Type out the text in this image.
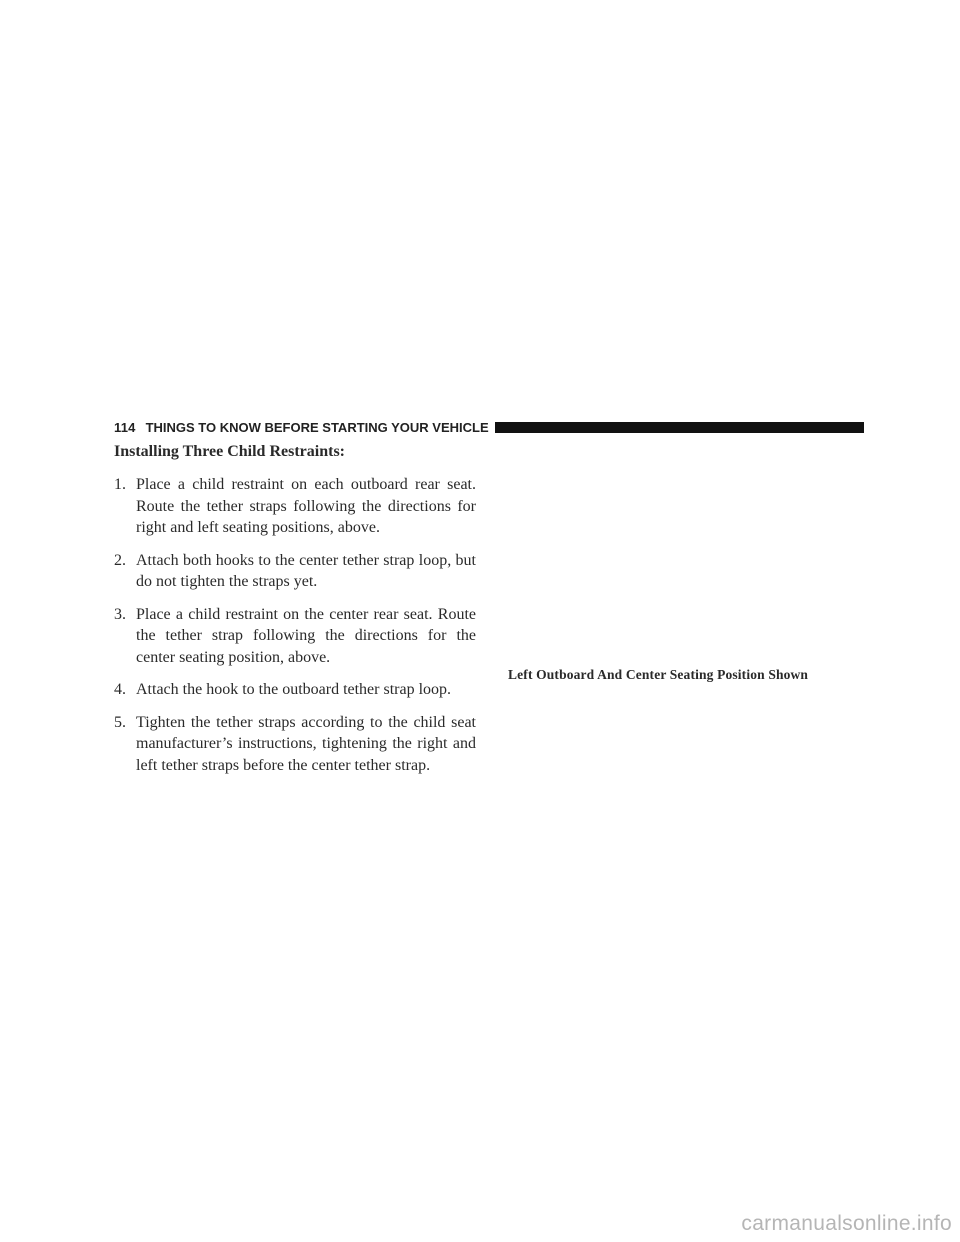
114 THINGS TO KNOW BEFORE STARTING YOUR VEHICLE
Installing Three Child Restraints:
1. Place a child restraint on each outboard rear seat. Route the tether straps following the directions for right and left seating positions, above.
2. Attach both hooks to the center tether strap loop, but do not tighten the straps yet.
3. Place a child restraint on the center rear seat. Route the tether strap following the directions for the center seating position, above.
4. Attach the hook to the outboard tether strap loop.
5. Tighten the tether straps according to the child seat manufacturer’s instructions, tightening the right and left tether straps before the center tether strap.
Left Outboard And Center Seating Position Shown
carmanualsonline.info
